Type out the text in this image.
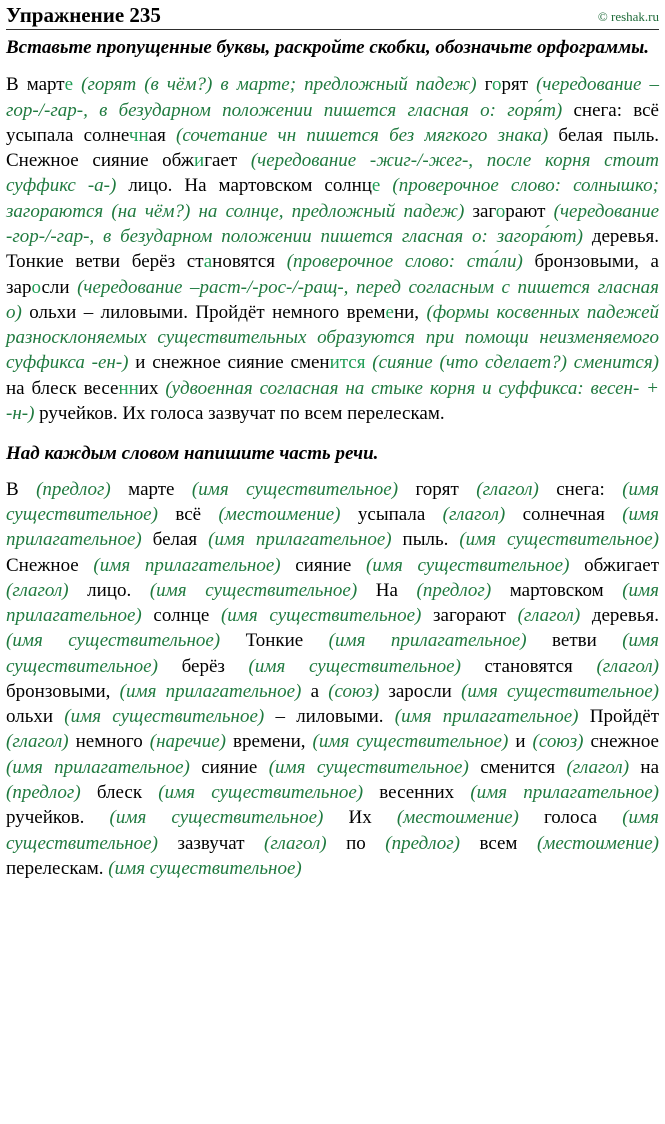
Упражнение 235	© reshak.ru
Вставьте пропущенные буквы, раскройте скобки, обозначьте орфограммы.
В марте (горят (в чём?) в марте; предложный падеж) горят (чередование –гор-/-гар-, в безударном положении пишется гласная о: горя́т) снега: всё усыпала солнечная (сочетание чн пишется без мягкого знака) белая пыль. Снежное сияние обжигает (чередование -жиг-/-жег-, после корня стоит суффикс -а-) лицо. На мартовском солнце (проверочное слово: солнышко; загораются (на чём?) на солнце, предложный падеж) загорают (чередование -гор-/-гар-, в безударном положении пишется гласная о: загора́ют) деревья. Тонкие ветви берёз становятся (проверочное слово: ста́ли) бронзовыми, а заросли (чередование –раст-/-рос-/-ращ-, перед согласным с пишется гласная о) ольхи – лиловыми. Пройдёт немного времени, (формы косвенных падежей разносклоняемых существительных образуются при помощи неизменяемого суффикса -ен-) и снежное сияние сменится (сияние (что сделает?) сменится) на блеск весенних (удвоенная согласная на стыке корня и суффикса: весен- + -н-) ручейков. Их голоса зазвучат по всем перелескам.
Над каждым словом напишите часть речи.
В (предлог) марте (имя существительное) горят (глагол) снега: (имя существительное) всё (местоимение) усыпала (глагол) солнечная (имя прилагательное) белая (имя прилагательное) пыль. (имя существительное) Снежное (имя прилагательное) сияние (имя существительное) обжигает (глагол) лицо. (имя существительное) На (предлог) мартовском (имя прилагательное) солнце (имя существительное) загорают (глагол) деревья. (имя существительное) Тонкие (имя прилагательное) ветви (имя существительное) берёз (имя существительное) становятся (глагол) бронзовыми, (имя прилагательное) а (союз) заросли (имя существительное) ольхи (имя существительное) – лиловыми. (имя прилагательное) Пройдёт (глагол) немного (наречие) времени, (имя существительное) и (союз) снежное (имя прилагательное) сияние (имя существительное) сменится (глагол) на (предлог) блеск (имя существительное) весенних (имя прилагательное) ручейков. (имя существительное) Их (местоимение) голоса (имя существительное) зазвучат (глагол) по (предлог) всем (местоимение) перелескам. (имя существительное)
